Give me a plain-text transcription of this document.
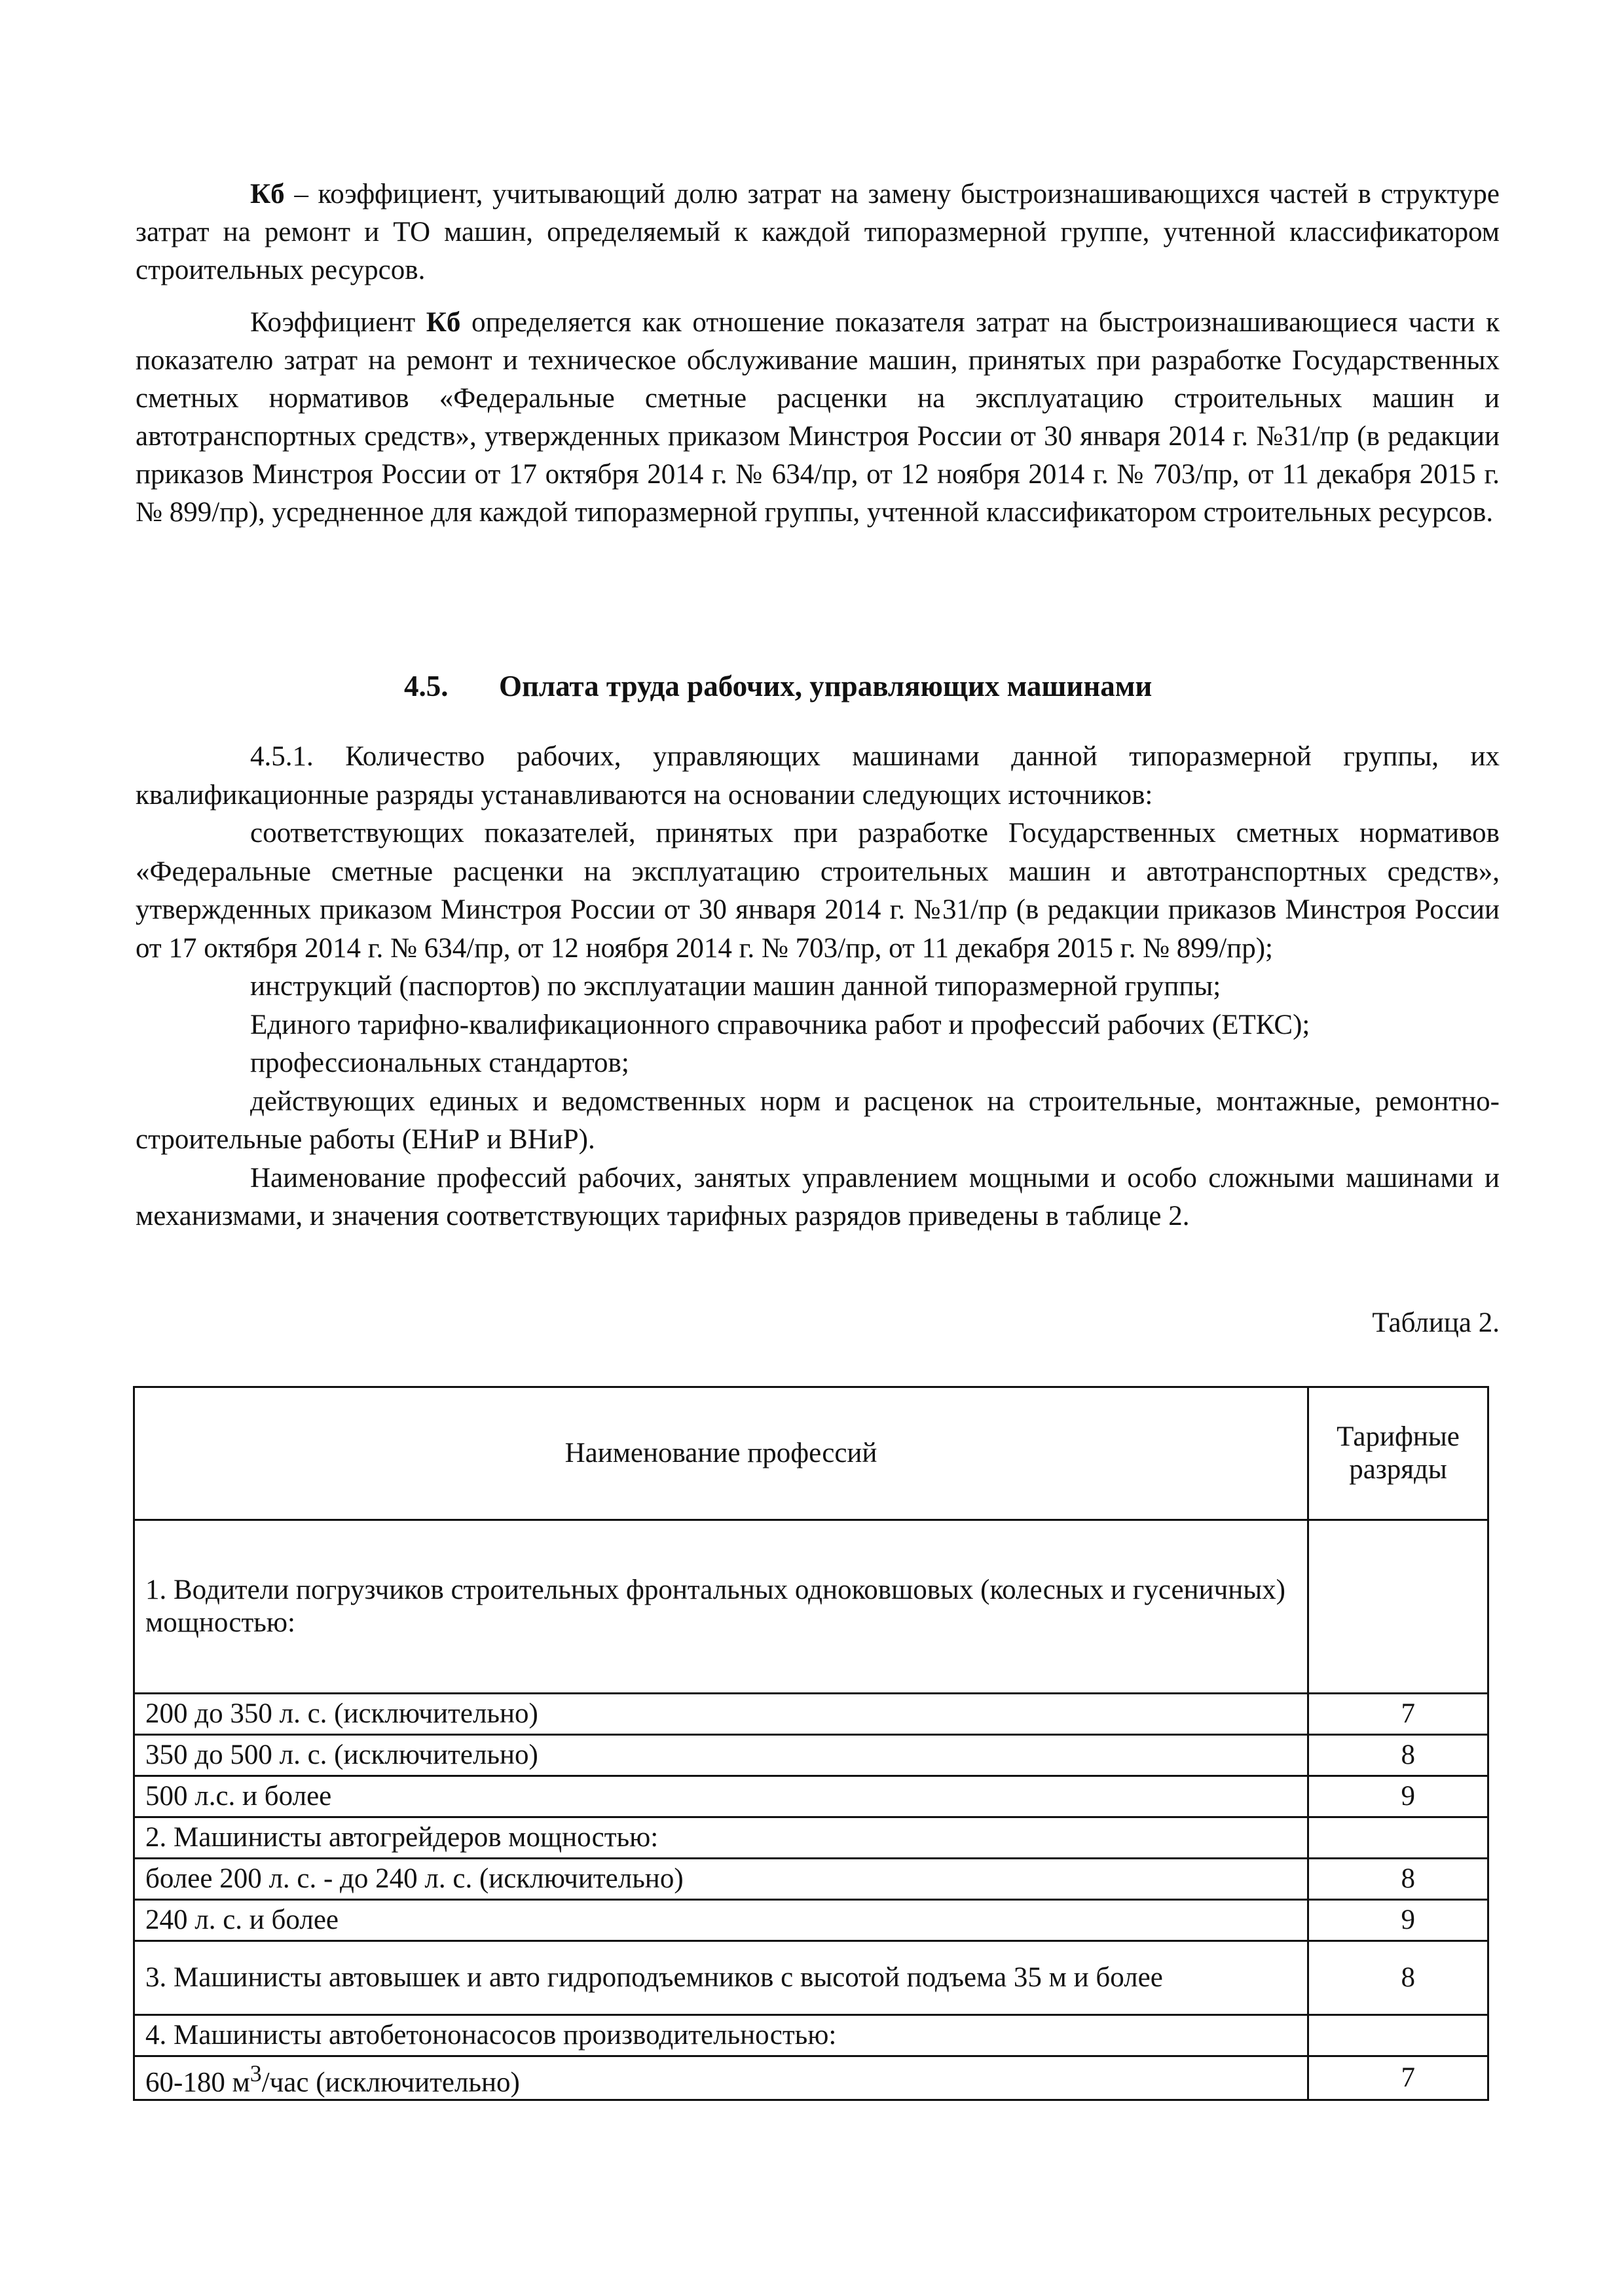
Кб – коэффициент, учитывающий долю затрат на замену быстроизнашивающихся частей в структуре затрат на ремонт и ТО машин, определяемый к каждой типоразмерной группе, учтенной классификатором строительных ресурсов.

Коэффициент Кб определяется как отношение показателя затрат на быстроизнашивающиеся части к показателю затрат на ремонт и техническое обслуживание машин, принятых при разработке Государственных сметных нормативов «Федеральные сметные расценки на эксплуатацию строительных машин и автотранспортных средств», утвержденных приказом Минстроя России от 30 января 2014 г. №31/пр (в редакции приказов Минстроя России от 17 октября 2014 г. № 634/пр, от 12 ноября 2014 г. № 703/пр, от 11 декабря 2015 г. № 899/пр), усредненное для каждой типоразмерной группы, учтенной классификатором строительных ресурсов.

4.5. Оплата труда рабочих, управляющих машинами

4.5.1. Количество рабочих, управляющих машинами данной типоразмерной группы, их квалификационные разряды устанавливаются на основании следующих источников:

соответствующих показателей, принятых при разработке Государственных сметных нормативов «Федеральные сметные расценки на эксплуатацию строительных машин и автотранспортных средств», утвержденных приказом Минстроя России от 30 января 2014 г. №31/пр (в редакции приказов Минстроя России от 17 октября 2014 г. № 634/пр, от 12 ноября 2014 г. № 703/пр, от 11 декабря 2015 г. № 899/пр);

инструкций (паспортов) по эксплуатации машин данной типоразмерной группы;

Единого тарифно-квалификационного справочника работ и профессий рабочих (ЕТКС);

профессиональных стандартов;

действующих единых и ведомственных норм и расценок на строительные, монтажные, ремонтно-строительные работы (ЕНиР и ВНиР).

Наименование профессий рабочих, занятых управлением мощными и особо сложными машинами и механизмами, и значения соответствующих тарифных разрядов приведены в таблице 2.

Таблица 2.
Наименование профессий	Тарифные разряды
1. Водители погрузчиков строительных фронтальных одноковшовых (колесных и гусеничных) мощностью:	
200 до 350 л. с. (исключительно)	7
350 до 500 л. с. (исключительно)	8
500 л.с. и более	9
2. Машинисты автогрейдеров мощностью:	
более 200 л. с. - до 240 л. с. (исключительно)	8
240 л. с. и более	9
3. Машинисты автовышек и авто гидроподъемников с высотой подъема 35 м и более	8
4. Машинисты автобетононасосов производительностью:	
60-180 $м^3$/час (исключительно)	7
